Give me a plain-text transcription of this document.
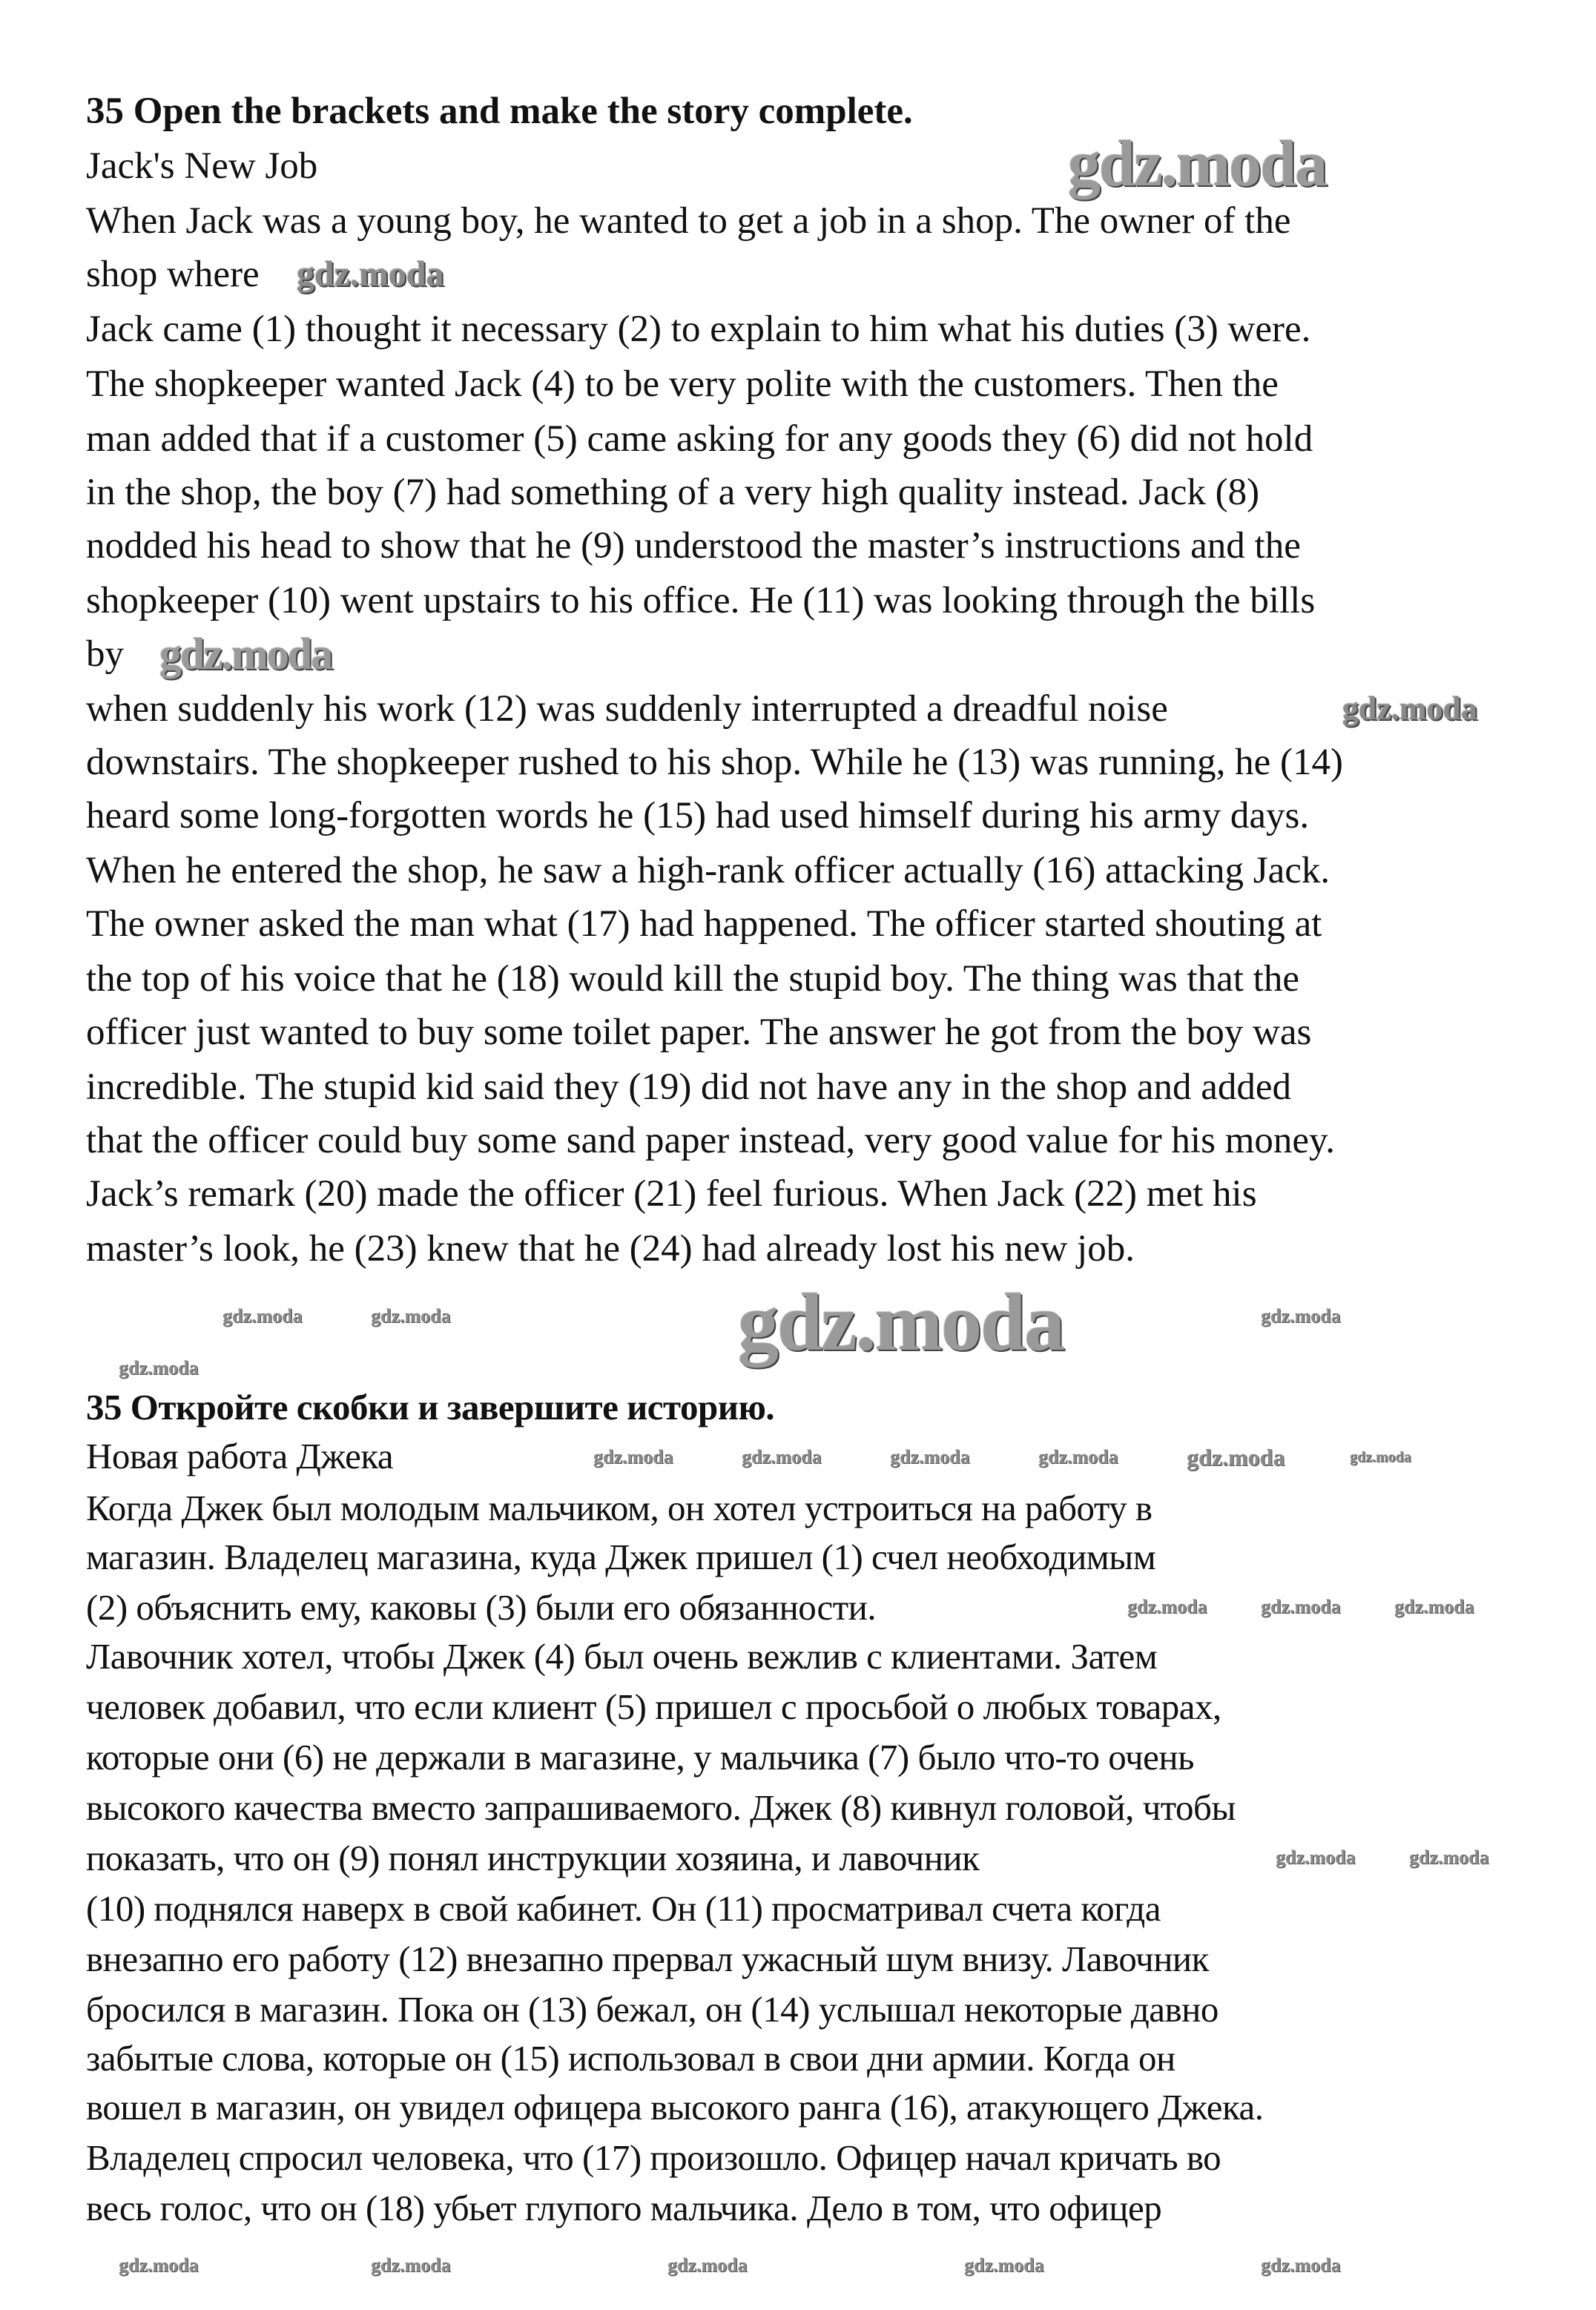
35 Open the brackets and make the story complete.
Jack's New Job
When Jack was a young boy, he wanted to get a job in a shop. The owner of the
shop where
Jack came (1) thought it necessary (2) to explain to him what his duties (3) were.
The shopkeeper wanted Jack (4) to be very polite with the customers. Then the
man added that if a customer (5) came asking for any goods they (6) did not hold
in the shop, the boy (7) had something of a very high quality instead. Jack (8)
nodded his head to show that he (9) understood the master’s instructions and the
shopkeeper (10) went upstairs to his office. He (11) was looking through the bills
by
when suddenly his work (12) was suddenly interrupted a dreadful noise
downstairs. The shopkeeper rushed to his shop. While he (13) was running, he (14)
heard some long-forgotten words he (15) had used himself during his army days.
When he entered the shop, he saw a high-rank officer actually (16) attacking Jack.
The owner asked the man what (17) had happened. The officer started shouting at
the top of his voice that he (18) would kill the stupid boy. The thing was that the
officer just wanted to buy some toilet paper. The answer he got from the boy was
incredible. The stupid kid said they (19) did not have any in the shop and added
that the officer could buy some sand paper instead, very good value for his money.
Jack’s remark (20) made the officer (21) feel furious. When Jack (22) met his
master’s look, he (23) knew that he (24) had already lost his new job.
35 Откройте скобки и завершите историю.
Новая работа Джека
Когда Джек был молодым мальчиком, он хотел устроиться на работу в
магазин. Владелец магазина, куда Джек пришел (1) счел необходимым
(2) объяснить ему, каковы (3) были его обязанности.
Лавочник хотел, чтобы Джек (4) был очень вежлив с клиентами. Затем
человек добавил, что если клиент (5) пришел с просьбой о любых товарах,
которые они (6) не держали в магазине, у мальчика (7) было что-то очень
высокого качества вместо запрашиваемого. Джек (8) кивнул головой, чтобы
показать, что он (9) понял инструкции хозяина, и лавочник
(10) поднялся наверх в свой кабинет. Он (11) просматривал счета когда
внезапно его работу (12) внезапно прервал ужасный шум внизу. Лавочник
бросился в магазин. Пока он (13) бежал, он (14) услышал некоторые давно
забытые слова, которые он (15) использовал в свои дни армии. Когда он
вошел в магазин, он увидел офицера высокого ранга (16), атакующего Джека.
Владелец спросил человека, что (17) произошло. Офицер начал кричать во
весь голос, что он (18) убьет глупого мальчика. Дело в том, что офицер
gdz.moda
gdz.moda
gdz.moda
gdz.moda
gdz.moda
gdz.moda	gdz.moda	gdz.moda
gdz.moda
gdz.moda	gdz.moda	gdz.moda	gdz.moda	gdz.moda	gdz.moda
gdz.moda	gdz.moda	gdz.moda
gdz.moda	gdz.moda
gdz.moda	gdz.moda	gdz.moda	gdz.moda	gdz.moda
